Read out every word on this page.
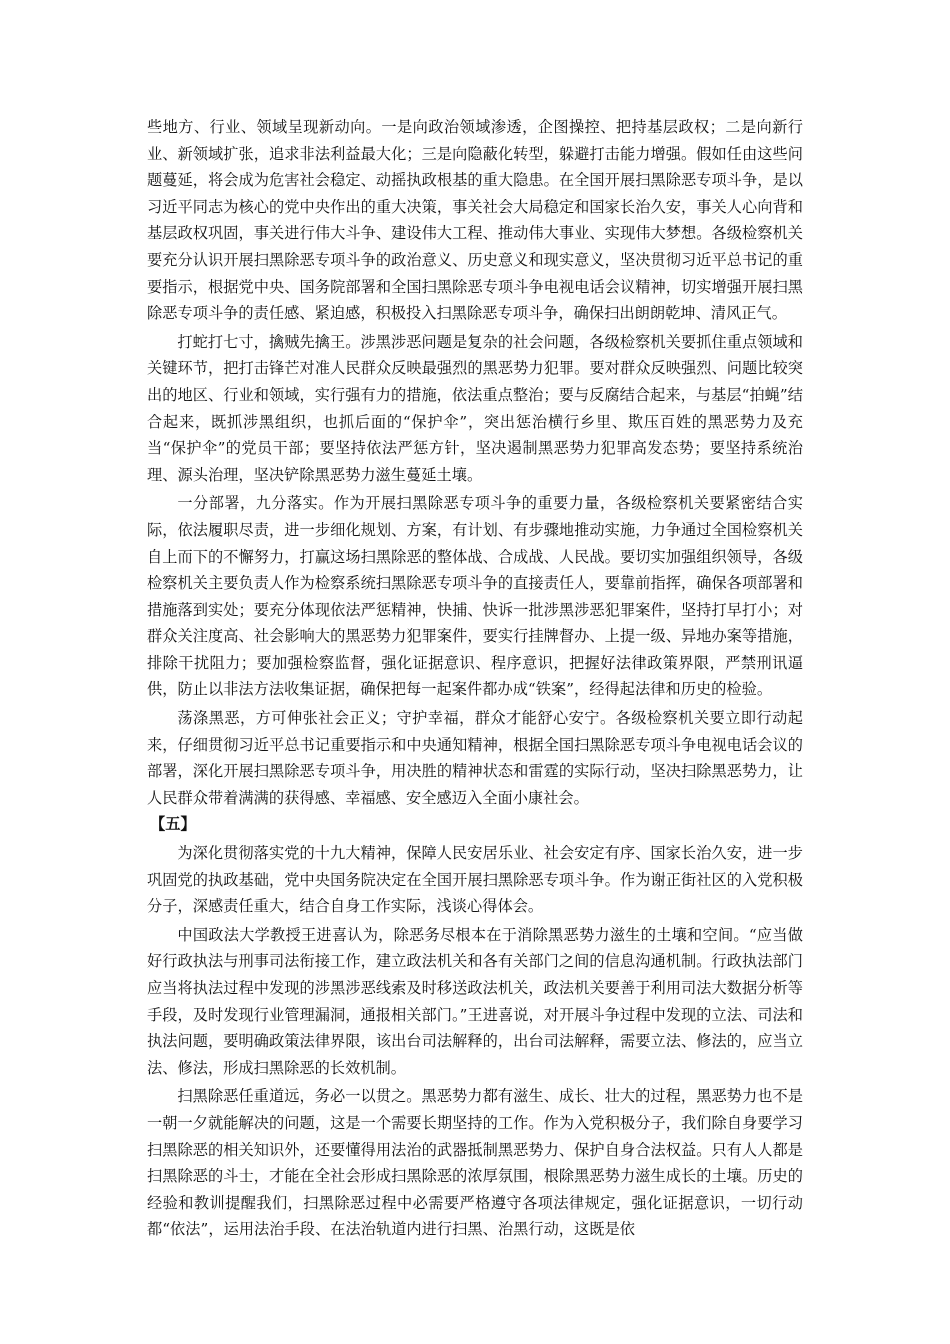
些地方、行业、领域呈现新动向。一是向政治领域渗透，企图操控、把持基层政权；二是向新行业、新领域扩张，追求非法利益最大化；三是向隐蔽化转型，躲避打击能力增强。假如任由这些问题蔓延，将会成为危害社会稳定、动摇执政根基的重大隐患。在全国开展扫黑除恶专项斗争，是以习近平同志为核心的党中央作出的重大决策，事关社会大局稳定和国家长治久安，事关人心向背和基层政权巩固，事关进行伟大斗争、建设伟大工程、推动伟大事业、实现伟大梦想。各级检察机关要充分认识开展扫黑除恶专项斗争的政治意义、历史意义和现实意义，坚决贯彻习近平总书记的重要指示，根据党中央、国务院部署和全国扫黑除恶专项斗争电视电话会议精神，切实增强开展扫黑除恶专项斗争的责任感、紧迫感，积极投入扫黑除恶专项斗争，确保扫出朗朗乾坤、清风正气。

打蛇打七寸，擒贼先擒王。涉黑涉恶问题是复杂的社会问题，各级检察机关要抓住重点领域和关键环节，把打击锋芒对准人民群众反映最强烈的黑恶势力犯罪。要对群众反映强烈、问题比较突出的地区、行业和领域，实行强有力的措施，依法重点整治；要与反腐结合起来，与基层“拍蝇”结合起来，既抓涉黑组织，也抓后面的“保护伞”，突出惩治横行乡里、欺压百姓的黑恶势力及充当“保护伞”的党员干部；要坚持依法严惩方针，坚决遏制黑恶势力犯罪高发态势；要坚持系统治理、源头治理，坚决铲除黑恶势力滋生蔓延土壤。

一分部署，九分落实。作为开展扫黑除恶专项斗争的重要力量，各级检察机关要紧密结合实际，依法履职尽责，进一步细化规划、方案，有计划、有步骤地推动实施，力争通过全国检察机关自上而下的不懈努力，打赢这场扫黑除恶的整体战、合成战、人民战。要切实加强组织领导，各级检察机关主要负责人作为检察系统扫黑除恶专项斗争的直接责任人，要靠前指挥，确保各项部署和措施落到实处；要充分体现依法严惩精神，快捕、快诉一批涉黑涉恶犯罪案件，坚持打早打小；对群众关注度高、社会影响大的黑恶势力犯罪案件，要实行挂牌督办、上提一级、异地办案等措施，排除干扰阻力；要加强检察监督，强化证据意识、程序意识，把握好法律政策界限，严禁刑讯逼供，防止以非法方法收集证据，确保把每一起案件都办成“铁案”，经得起法律和历史的检验。

荡涤黑恶，方可伸张社会正义；守护幸福，群众才能舒心安宁。各级检察机关要立即行动起来，仔细贯彻习近平总书记重要指示和中央通知精神，根据全国扫黑除恶专项斗争电视电话会议的部署，深化开展扫黑除恶专项斗争，用决胜的精神状态和雷霆的实际行动，坚决扫除黑恶势力，让人民群众带着满满的获得感、幸福感、安全感迈入全面小康社会。

【五】

为深化贯彻落实党的十九大精神，保障人民安居乐业、社会安定有序、国家长治久安，进一步巩固党的执政基础，党中央国务院决定在全国开展扫黑除恶专项斗争。作为谢正街社区的入党积极分子，深感责任重大，结合自身工作实际，浅谈心得体会。

中国政法大学教授王进喜认为，除恶务尽根本在于消除黑恶势力滋生的土壤和空间。“应当做好行政执法与刑事司法衔接工作，建立政法机关和各有关部门之间的信息沟通机制。行政执法部门应当将执法过程中发现的涉黑涉恶线索及时移送政法机关，政法机关要善于利用司法大数据分析等手段，及时发现行业管理漏洞，通报相关部门。”王进喜说，对开展斗争过程中发现的立法、司法和执法问题，要明确政策法律界限，该出台司法解释的，出台司法解释，需要立法、修法的，应当立法、修法，形成扫黑除恶的长效机制。

扫黑除恶任重道远，务必一以贯之。黑恶势力都有滋生、成长、壮大的过程，黑恶势力也不是一朝一夕就能解决的问题，这是一个需要长期坚持的工作。作为入党积极分子，我们除自身要学习扫黑除恶的相关知识外，还要懂得用法治的武器抵制黑恶势力、保护自身合法权益。只有人人都是扫黑除恶的斗士，才能在全社会形成扫黑除恶的浓厚氛围，根除黑恶势力滋生成长的土壤。历史的经验和教训提醒我们，扫黑除恶过程中必需要严格遵守各项法律规定，强化证据意识，一切行动都“依法”，运用法治手段、在法治轨道内进行扫黑、治黑行动，这既是依
